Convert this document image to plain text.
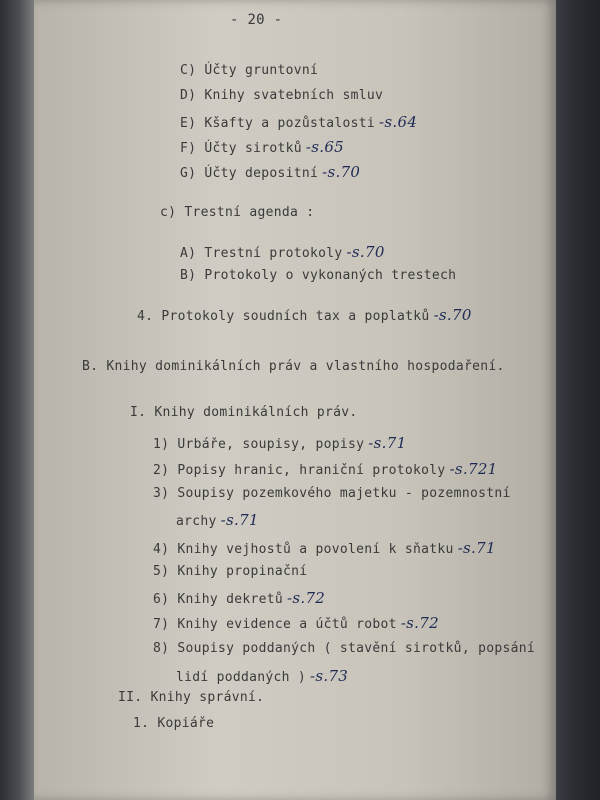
- 20 -
C) Účty gruntovní
D) Knihy svatebních smluv
E) Kšafty a pozůstalosti -s.64
F) Účty sirotků -s.65
G) Účty depositní -s.70
c) Trestní agenda :
A) Trestní protokoly -s.70
B) Protokoly o vykonaných trestech
4. Protokoly soudních tax a poplatků -s.70
B. Knihy dominikálních práv a vlastního hospodaření.
I. Knihy dominikálních práv.
1) Urbáře, soupisy, popisy -s.71
2) Popisy hranic, hraniční protokoly -s.721
3) Soupisy pozemkového majetku - pozemnostní
archy -s.71
4) Knihy vejhostů a povolení k sňatku -s.71
5) Knihy propinační
6) Knihy dekretů -s.72
7) Knihy evidence a účtů robot -s.72
8) Soupisy poddaných ( stavění sirotků, popsání
lidí poddaných ) -s.73
II. Knihy správní.
1. Kopiáře
